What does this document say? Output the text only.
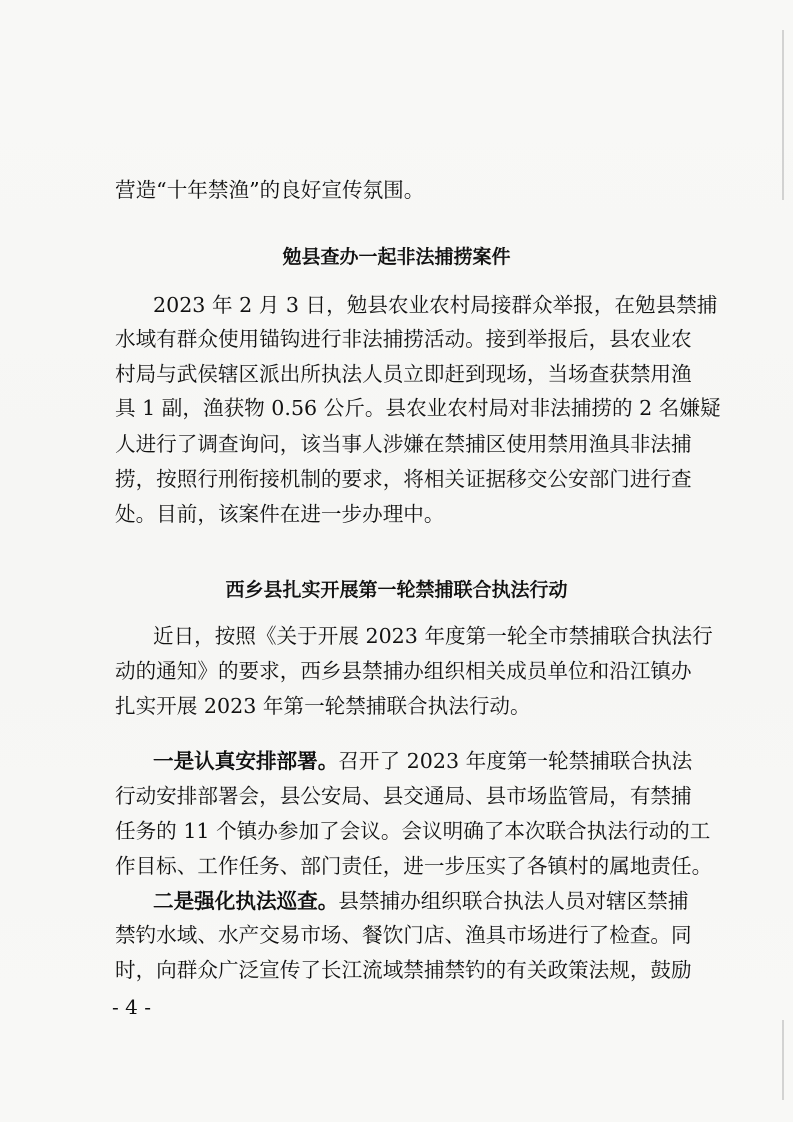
营造“十年禁渔”的良好宣传氛围。
勉县查办一起非法捕捞案件
2023 年 2 月 3 日，勉县农业农村局接群众举报，在勉县禁捕
水域有群众使用锚钩进行非法捕捞活动。接到举报后，县农业农
村局与武侯辖区派出所执法人员立即赶到现场，当场查获禁用渔
具 1 副，渔获物 0.56 公斤。县农业农村局对非法捕捞的 2 名嫌疑
人进行了调查询问，该当事人涉嫌在禁捕区使用禁用渔具非法捕
捞，按照行刑衔接机制的要求，将相关证据移交公安部门进行查
处。目前，该案件在进一步办理中。
西乡县扎实开展第一轮禁捕联合执法行动
近日，按照《关于开展 2023 年度第一轮全市禁捕联合执法行
动的通知》的要求，西乡县禁捕办组织相关成员单位和沿江镇办
扎实开展 2023 年第一轮禁捕联合执法行动。
一是认真安排部署。召开了 2023 年度第一轮禁捕联合执法
行动安排部署会，县公安局、县交通局、县市场监管局，有禁捕
任务的 11 个镇办参加了会议。会议明确了本次联合执法行动的工
作目标、工作任务、部门责任，进一步压实了各镇村的属地责任。
二是强化执法巡查。县禁捕办组织联合执法人员对辖区禁捕
禁钓水域、水产交易市场、餐饮门店、渔具市场进行了检查。同
时，向群众广泛宣传了长江流域禁捕禁钓的有关政策法规，鼓励
- 4 -
